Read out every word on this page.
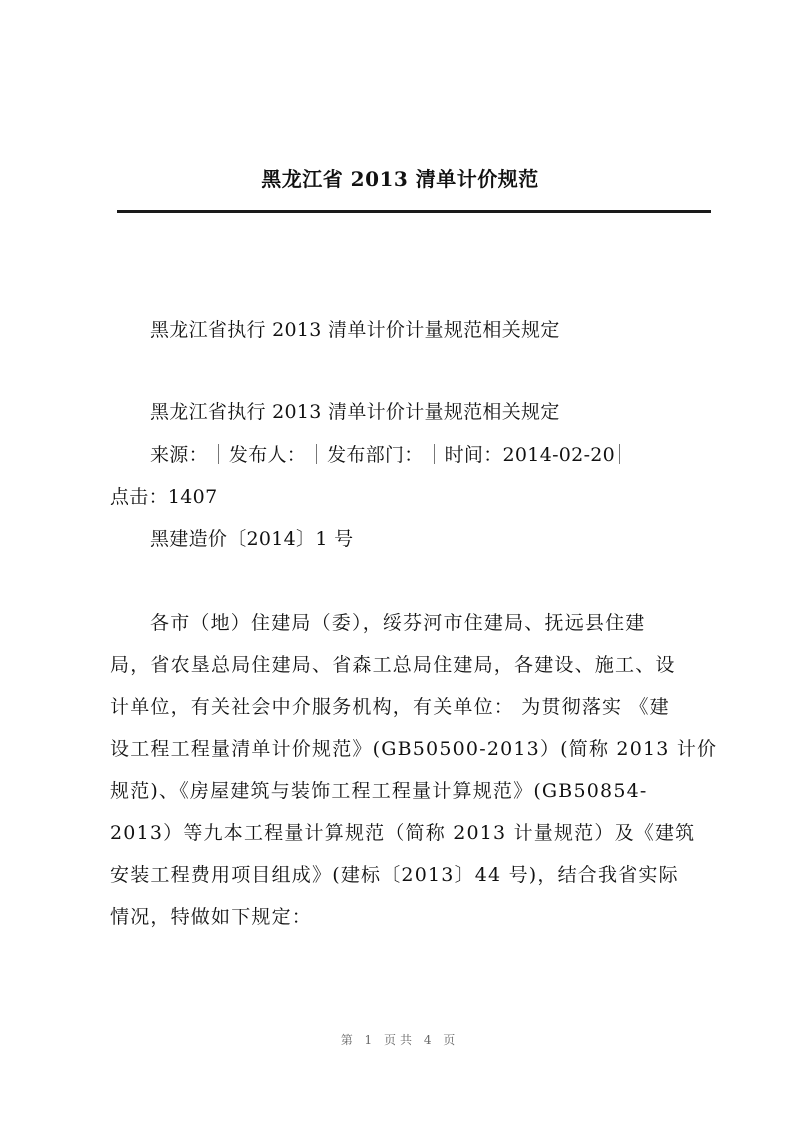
黑龙江省 2013 清单计价规范
黑龙江省执行 2013 清单计价计量规范相关规定
黑龙江省执行 2013 清单计价计量规范相关规定
来源： 发布人： 发布部门： 时间：2014-02-20
点击：1407
黑建造价〔2014〕1 号
各市（地）住建局（委），绥芬河市住建局、抚远县住建
局，省农垦总局住建局、省森工总局住建局，各建设、施工、设
计单位，有关社会中介服务机构，有关单位： 为贯彻落实 《建
设工程工程量清单计价规范》(GB50500-2013）(简称 2013 计价
规范)、《房屋建筑与装饰工程工程量计算规范》(GB50854-
2013）等九本工程量计算规范（简称 2013 计量规范）及《建筑
安装工程费用项目组成》(建标〔2013〕44 号)，结合我省实际
情况，特做如下规定：
第 1 页共 4 页
